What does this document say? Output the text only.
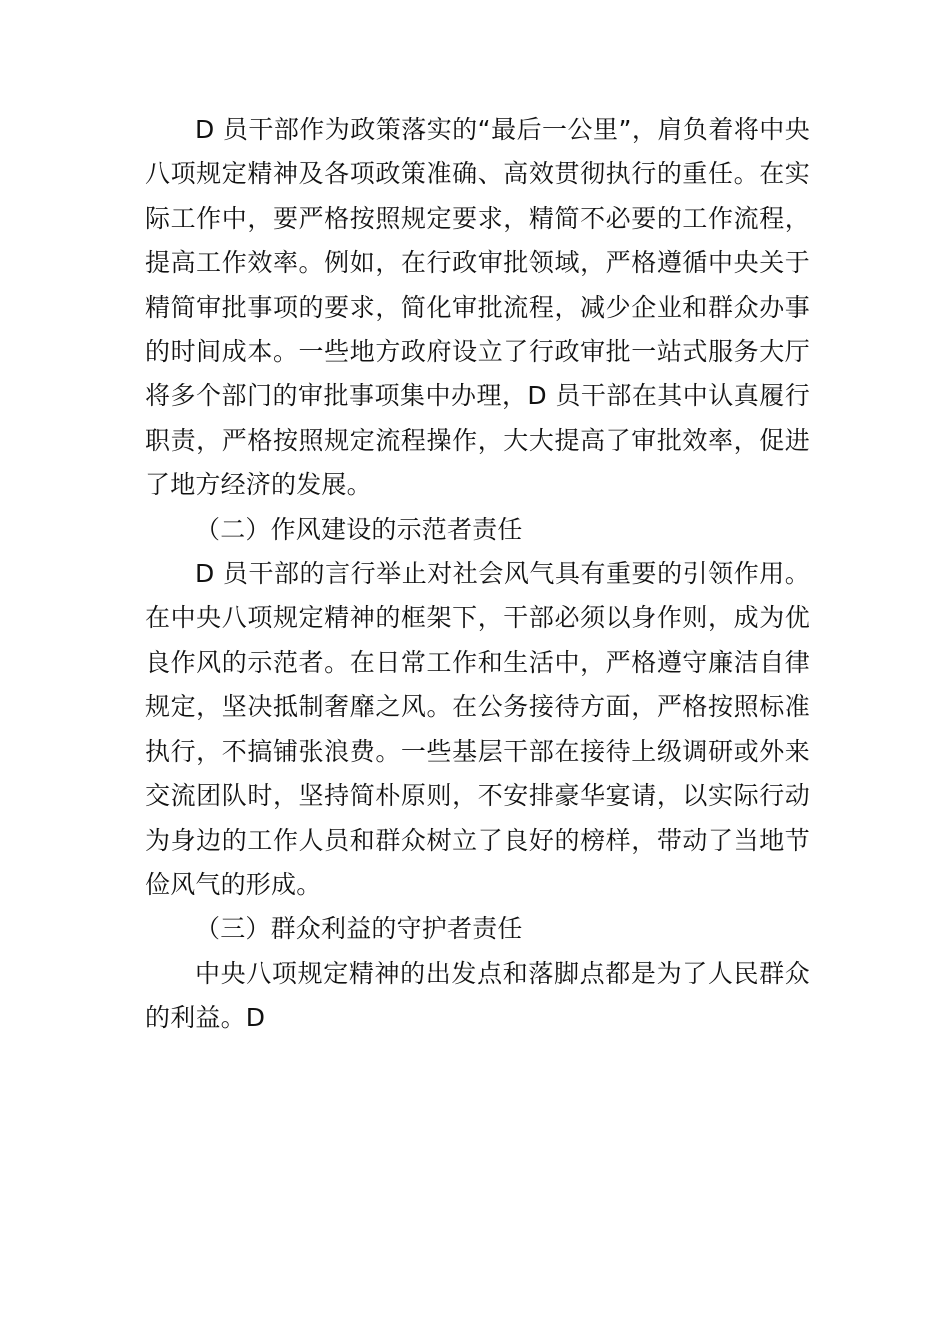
D 员干部作为政策落实的“最后一公里”，肩负着将中央八项规定精神及各项政策准确、高效贯彻执行的重任。在实际工作中，要严格按照规定要求，精简不必要的工作流程，提高工作效率。例如，在行政审批领域，严格遵循中央关于精简审批事项的要求，简化审批流程，减少企业和群众办事的时间成本。一些地方政府设立了行政审批一站式服务大厅将多个部门的审批事项集中办理，D 员干部在其中认真履行职责，严格按照规定流程操作，大大提高了审批效率，促进了地方经济的发展。

（二）作风建设的示范者责任

D 员干部的言行举止对社会风气具有重要的引领作用。在中央八项规定精神的框架下，干部必须以身作则，成为优良作风的示范者。在日常工作和生活中，严格遵守廉洁自律规定，坚决抵制奢靡之风。在公务接待方面，严格按照标准执行，不搞铺张浪费。一些基层干部在接待上级调研或外来交流团队时，坚持简朴原则，不安排豪华宴请，以实际行动为身边的工作人员和群众树立了良好的榜样，带动了当地节俭风气的形成。

（三）群众利益的守护者责任

中央八项规定精神的出发点和落脚点都是为了人民群众的利益。D
